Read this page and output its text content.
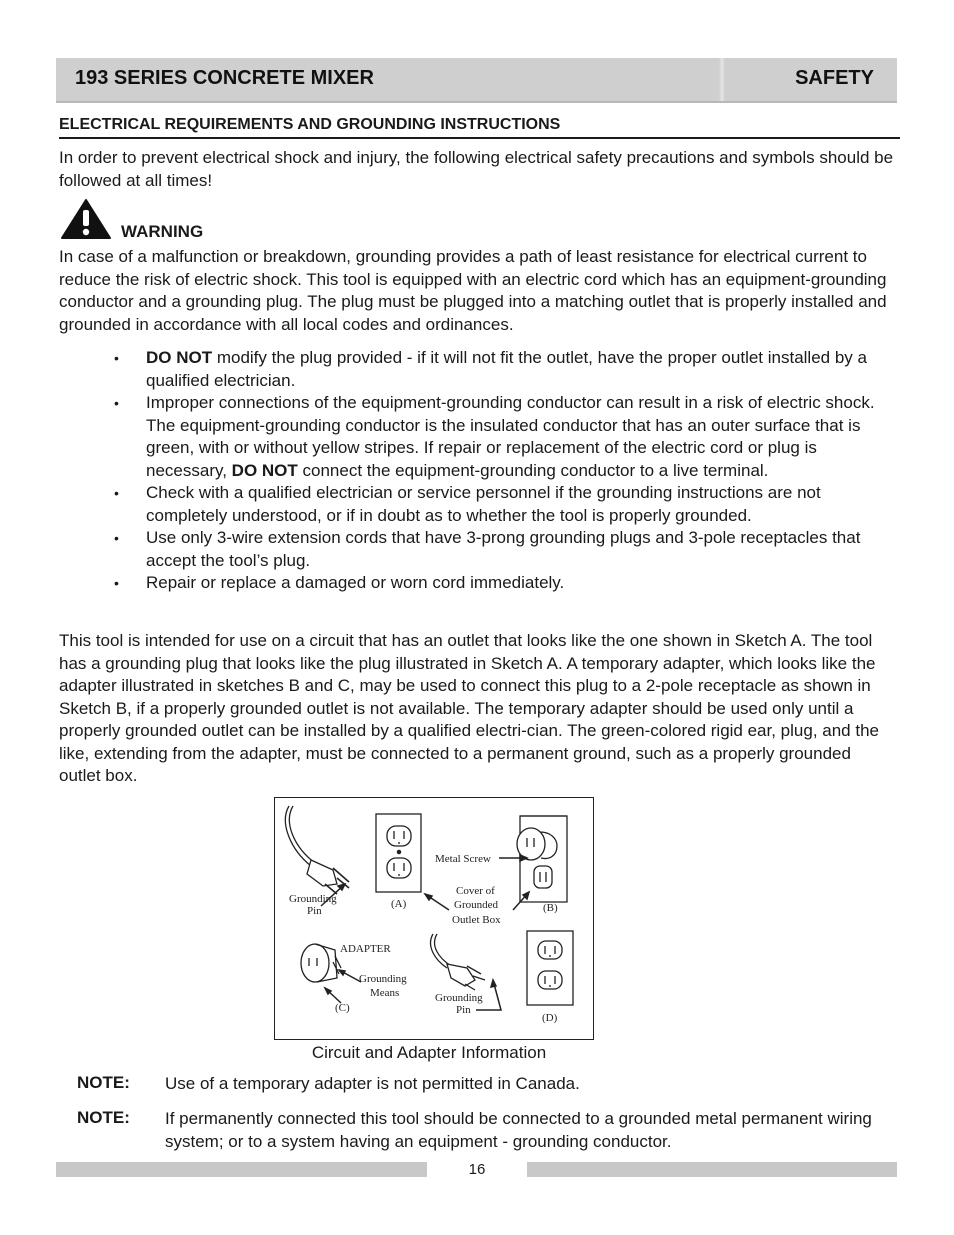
193 SERIES CONCRETE MIXER	SAFETY
ELECTRICAL REQUIREMENTS AND GROUNDING INSTRUCTIONS
In order to prevent electrical shock and injury, the following electrical safety precautions and symbols should be followed at all times!
WARNING
In case of a malfunction or breakdown, grounding provides a path of least resistance for electrical current to reduce the risk of electric shock. This tool is equipped with an electric cord which has an equipment-grounding conductor and a grounding plug. The plug must be plugged into a matching outlet that is properly installed and grounded in accordance with all local codes and ordinances.
• DO NOT modify the plug provided - if it will not fit the outlet, have the proper outlet installed by a qualified electrician.
• Improper connections of the equipment-grounding conductor can result in a risk of electric shock. The equipment-grounding conductor is the insulated conductor that has an outer surface that is green, with or without yellow stripes. If repair or replacement of the electric cord or plug is necessary, DO NOT connect the equipment-grounding conductor to a live terminal.
• Check with a qualified electrician or service personnel if the grounding instructions are not completely understood, or if in doubt as to whether the tool is properly grounded.
• Use only 3-wire extension cords that have 3-prong grounding plugs and 3-pole receptacles that accept the tool’s plug.
• Repair or replace a damaged or worn cord immediately.
This tool is intended for use on a circuit that has an outlet that looks like the one shown in Sketch A. The tool has a grounding plug that looks like the plug illustrated in Sketch A. A temporary adapter, which looks like the adapter illustrated in sketches B and C, may be used to connect this plug to a 2-pole receptacle as shown in Sketch B, if a properly grounded outlet is not available. The temporary adapter should be used only until a properly grounded outlet can be installed by a qualified electri-cian. The green-colored rigid ear, plug, and the like, extending from the adapter, must be connected to a permanent ground, such as a properly grounded outlet box.
Grounding
Pin
(A)
Metal Screw
Cover of
Grounded
Outlet Box
(B)
ADAPTER
Grounding
Means
(C)
Grounding
Pin
(D)
Circuit and Adapter Information
NOTE: Use of a temporary adapter is not permitted in Canada.
NOTE: If permanently connected this tool should be connected to a grounded metal permanent wiring system; or to a system having an equipment - grounding conductor.
16
